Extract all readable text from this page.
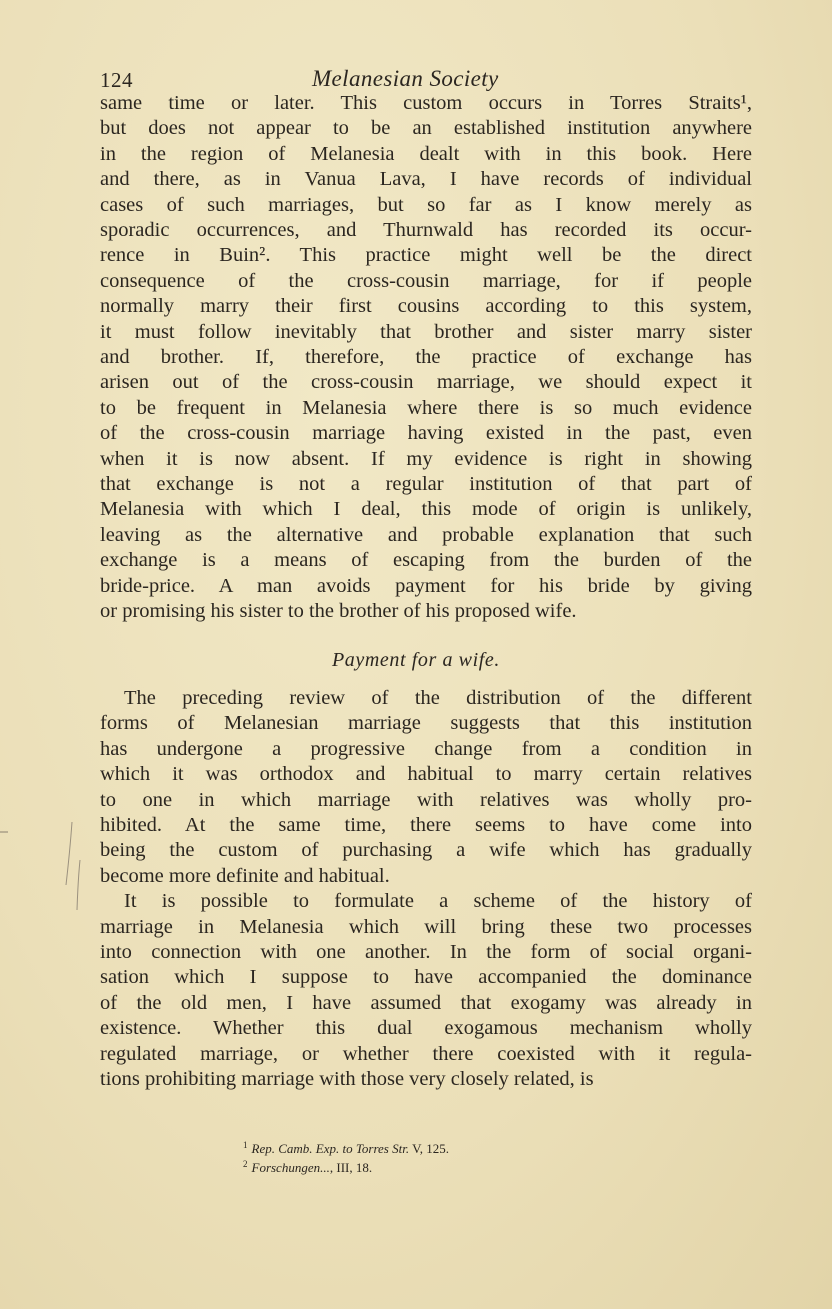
124	Melanesian Society
same time or later. This custom occurs in Torres Straits¹,
but does not appear to be an established institution anywhere
in the region of Melanesia dealt with in this book. Here
and there, as in Vanua Lava, I have records of individual
cases of such marriages, but so far as I know merely as
sporadic occurrences, and Thurnwald has recorded its occur-
rence in Buin². This practice might well be the direct
consequence of the cross-cousin marriage, for if people
normally marry their first cousins according to this system,
it must follow inevitably that brother and sister marry sister
and brother. If, therefore, the practice of exchange has
arisen out of the cross-cousin marriage, we should expect it
to be frequent in Melanesia where there is so much evidence
of the cross-cousin marriage having existed in the past, even
when it is now absent. If my evidence is right in showing
that exchange is not a regular institution of that part of
Melanesia with which I deal, this mode of origin is unlikely,
leaving as the alternative and probable explanation that such
exchange is a means of escaping from the burden of the
bride-price. A man avoids payment for his bride by giving
or promising his sister to the brother of his proposed wife.
Payment for a wife.
The preceding review of the distribution of the different
forms of Melanesian marriage suggests that this institution
has undergone a progressive change from a condition in
which it was orthodox and habitual to marry certain relatives
to one in which marriage with relatives was wholly pro-
hibited. At the same time, there seems to have come into
being the custom of purchasing a wife which has gradually
become more definite and habitual.
It is possible to formulate a scheme of the history of
marriage in Melanesia which will bring these two processes
into connection with one another. In the form of social organi-
sation which I suppose to have accompanied the dominance
of the old men, I have assumed that exogamy was already in
existence. Whether this dual exogamous mechanism wholly
regulated marriage, or whether there coexisted with it regula-
tions prohibiting marriage with those very closely related, is
$^1$ Rep. Camb. Exp. to Torres Str. V, 125.
$^2$ Forschungen..., III, 18.
